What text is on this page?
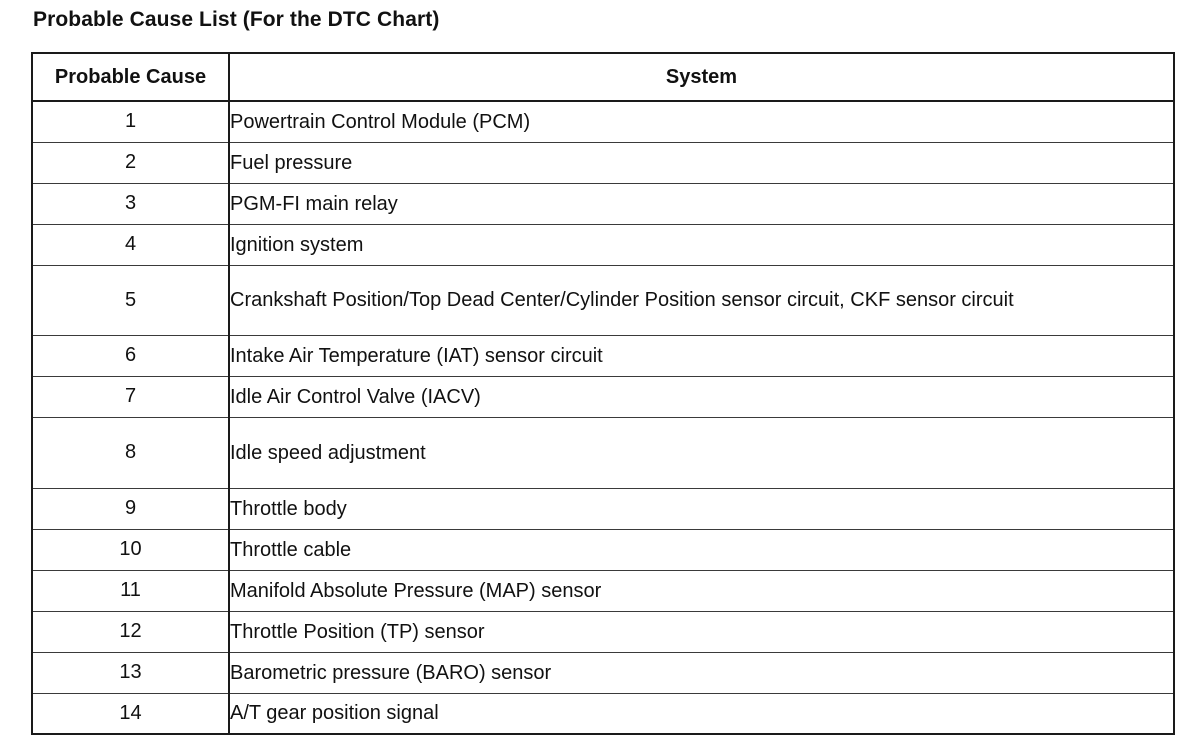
Probable Cause List (For the DTC Chart)
Probable Cause	System
1	Powertrain Control Module (PCM)
2	Fuel pressure
3	PGM-FI main relay
4	Ignition system
5	Crankshaft Position/Top Dead Center/Cylinder Position sensor circuit, CKF sensor circuit
6	Intake Air Temperature (IAT) sensor circuit
7	Idle Air Control Valve (IACV)
8	Idle speed adjustment
9	Throttle body
10	Throttle cable
11	Manifold Absolute Pressure (MAP) sensor
12	Throttle Position (TP) sensor
13	Barometric pressure (BARO) sensor
14	A/T gear position signal
